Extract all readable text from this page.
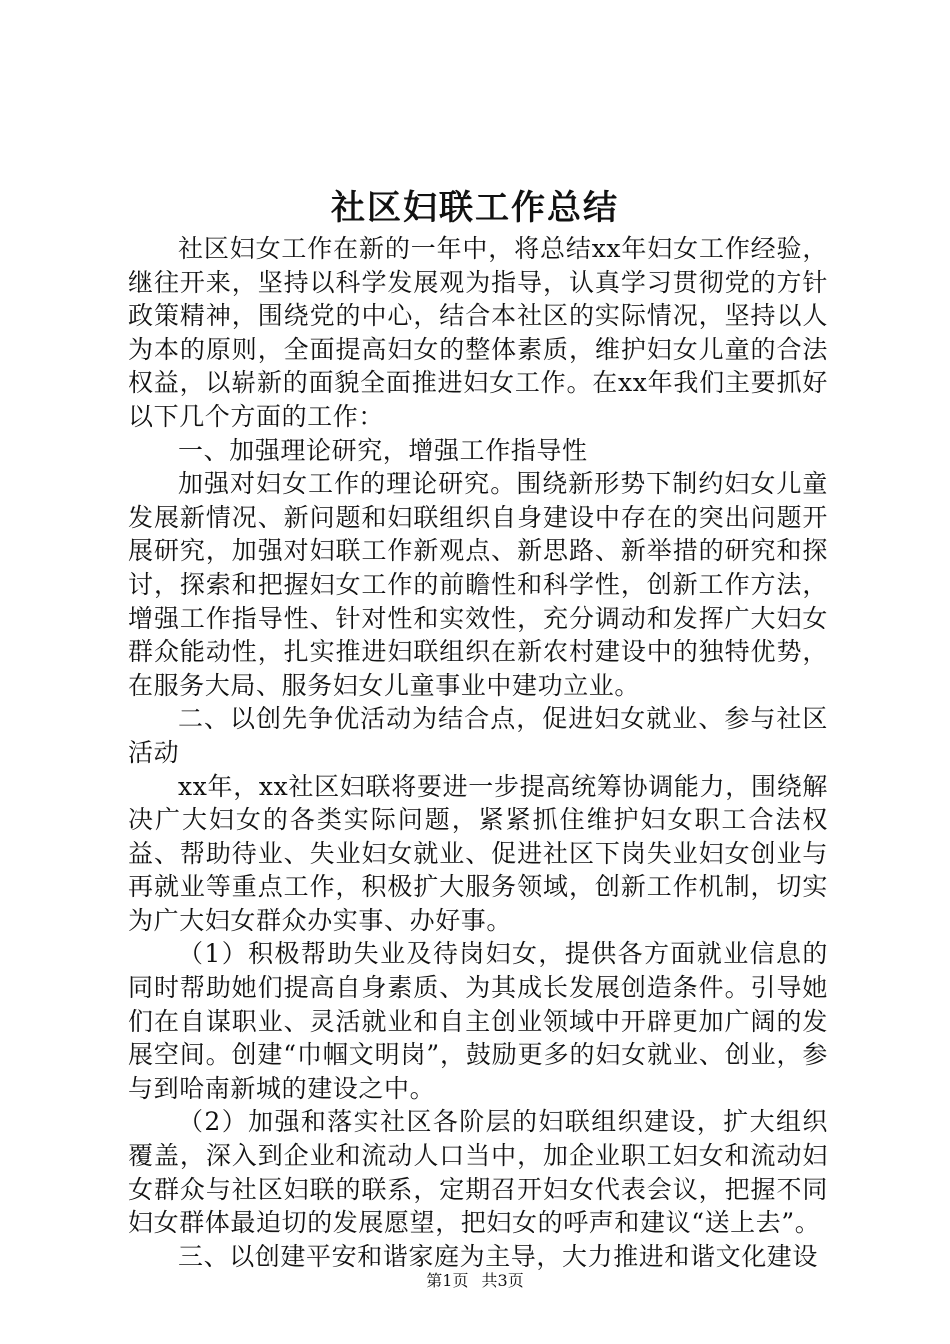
社区妇联工作总结

社区妇女工作在新的一年中，将总结xx年妇女工作经验，继往开来，坚持以科学发展观为指导，认真学习贯彻党的方针政策精神，围绕党的中心，结合本社区的实际情况，坚持以人为本的原则，全面提高妇女的整体素质，维护妇女儿童的合法权益，以崭新的面貌全面推进妇女工作。在xx年我们主要抓好以下几个方面的工作：

一、加强理论研究，增强工作指导性

加强对妇女工作的理论研究。围绕新形势下制约妇女儿童发展新情况、新问题和妇联组织自身建设中存在的突出问题开展研究，加强对妇联工作新观点、新思路、新举措的研究和探讨，探索和把握妇女工作的前瞻性和科学性，创新工作方法，增强工作指导性、针对性和实效性，充分调动和发挥广大妇女群众能动性，扎实推进妇联组织在新农村建设中的独特优势，在服务大局、服务妇女儿童事业中建功立业。

二、以创先争优活动为结合点，促进妇女就业、参与社区活动

xx年，xx社区妇联将要进一步提高统筹协调能力，围绕解决广大妇女的各类实际问题，紧紧抓住维护妇女职工合法权益、帮助待业、失业妇女就业、促进社区下岗失业妇女创业与再就业等重点工作，积极扩大服务领域，创新工作机制，切实为广大妇女群众办实事、办好事。

（1）积极帮助失业及待岗妇女，提供各方面就业信息的同时帮助她们提高自身素质、为其成长发展创造条件。引导她们在自谋职业、灵活就业和自主创业领域中开辟更加广阔的发展空间。创建“巾帼文明岗”，鼓励更多的妇女就业、创业，参与到哈南新城的建设之中。

（2）加强和落实社区各阶层的妇联组织建设，扩大组织覆盖，深入到企业和流动人口当中，加企业职工妇女和流动妇女群众与社区妇联的联系，定期召开妇女代表会议，把握不同妇女群体最迫切的发展愿望，把妇女的呼声和建议“送上去”。

三、以创建平安和谐家庭为主导，大力推进和谐文化建设

第1页 共3页
